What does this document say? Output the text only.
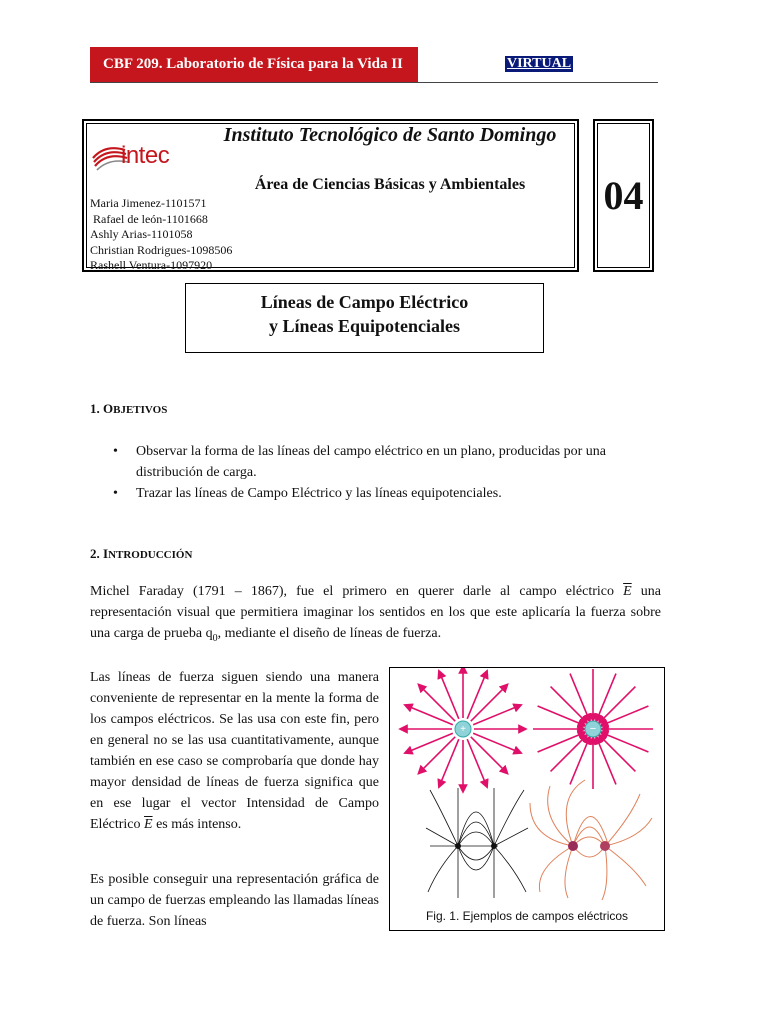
CBF 209. Laboratorio de Física para la Vida II	VIRTUAL
intec
Instituto Tecnológico de Santo Domingo
Área de Ciencias Básicas y Ambientales
Maria Jimenez-1101571
Rafael de león-1101668
Ashly Arias-1101058
Christian Rodrigues-1098506
Rashell Ventura-1097920
04
Líneas de Campo Eléctrico
y Líneas Equipotenciales
1. OBJETIVOS
• Observar la forma de las líneas del campo eléctrico en un plano, producidas por una distribución de carga.
• Trazar las líneas de Campo Eléctrico y las líneas equipotenciales.
2. INTRODUCCIÓN
Michel Faraday (1791 – 1867), fue el primero en querer darle al campo eléctrico $\overline{E}$ una representación visual que permitiera imaginar los sentidos en los que este aplicaría la fuerza sobre una carga de prueba $q_0$, mediante el diseño de líneas de fuerza.
Las líneas de fuerza siguen siendo una manera conveniente de representar en la mente la forma de los campos eléctricos. Se las usa con este fin, pero en general no se las usa cuantitativamente, aunque también en ese caso se comprobaría que donde hay mayor densidad de líneas de fuerza significa que en ese lugar el vector Intensidad de Campo Eléctrico $\overline{E}$ es más intenso.
Es posible conseguir una representación gráfica de un campo de fuerzas empleando las llamadas líneas de fuerza. Son líneas
+	−
Fig. 1. Ejemplos de campos eléctricos
